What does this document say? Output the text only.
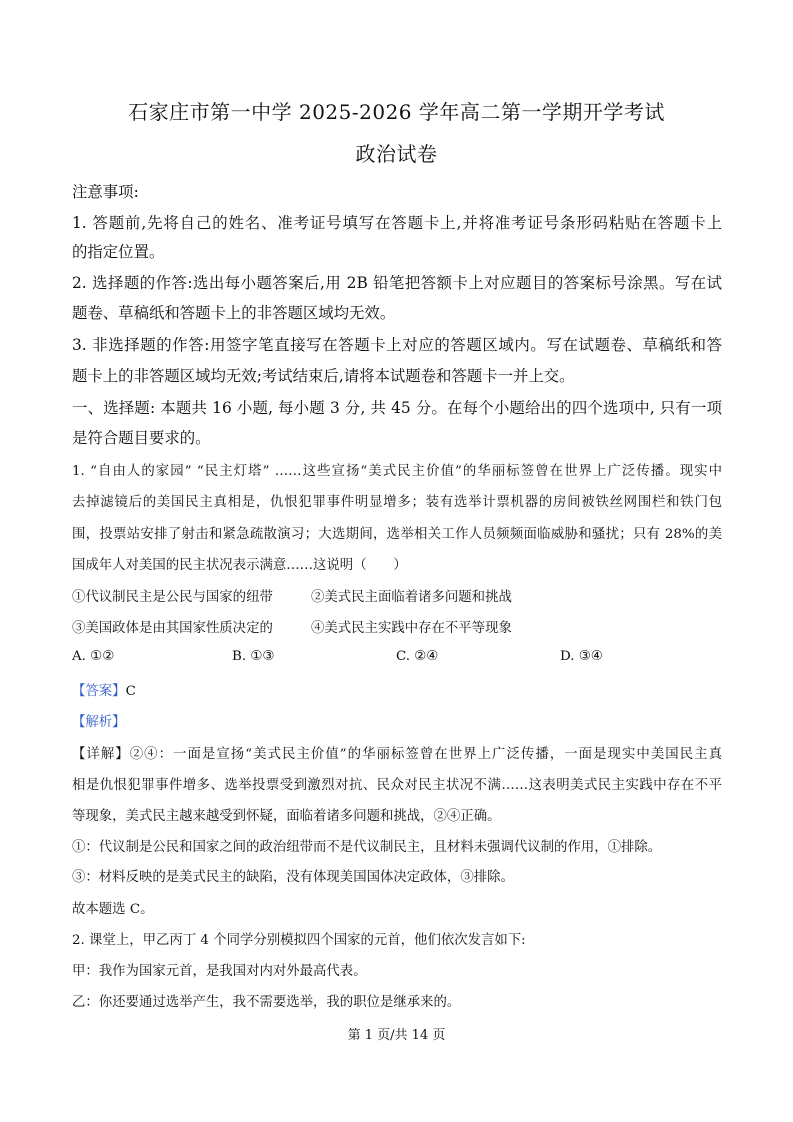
石家庄市第一中学 2025-2026 学年高二第一学期开学考试
政治试卷
注意事项:
1. 答题前,先将自己的姓名、准考证号填写在答题卡上,并将准考证号条形码粘贴在答题卡上
的指定位置。
2. 选择题的作答:选出每小题答案后,用 2B 铅笔把答额卡上对应题目的答案标号涂黑。写在试
题卷、草稿纸和答题卡上的非答题区域均无效。
3. 非选择题的作答:用签字笔直接写在答题卡上对应的答题区域内。写在试题卷、草稿纸和答
题卡上的非答题区域均无效;考试结束后,请将本试题卷和答题卡一并上交。
一、选择题: 本题共 16 小题, 每小题 3 分, 共 45 分。在每个小题给出的四个选项中, 只有一项
是符合题目要求的。
1. “自由人的家园” “民主灯塔” ……这些宣扬“美式民主价值”的华丽标签曾在世界上广泛传播。现实中
去掉滤镜后的美国民主真相是，仇恨犯罪事件明显增多；装有选举计票机器的房间被铁丝网围栏和铁门包
围，投票站安排了射击和紧急疏散演习；大选期间，选举相关工作人员频频面临威胁和骚扰；只有 28%的美
国成年人对美国的民主状况表示满意……这说明（　　）
①代议制民主是公民与国家的纽带	②美式民主面临着诸多问题和挑战
③美国政体是由其国家性质决定的	④美式民主实践中存在不平等现象
A. ①②	B. ①③	C. ②④	D. ③④
【答案】C
【解析】
【详解】②④：一面是宣扬“美式民主价值”的华丽标签曾在世界上广泛传播，一面是现实中美国民主真
相是仇恨犯罪事件增多、选举投票受到激烈对抗、民众对民主状况不满……这表明美式民主实践中存在不平
等现象，美式民主越来越受到怀疑，面临着诸多问题和挑战，②④正确。
①：代议制是公民和国家之间的政治纽带而不是代议制民主，且材料未强调代议制的作用，①排除。
③：材料反映的是美式民主的缺陷，没有体现美国国体决定政体，③排除。
故本题选 C。
2. 课堂上，甲乙丙丁 4 个同学分别模拟四个国家的元首，他们依次发言如下:
甲：我作为国家元首，是我国对内对外最高代表。
乙：你还要通过选举产生，我不需要选举，我的职位是继承来的。
第 1 页/共 14 页
